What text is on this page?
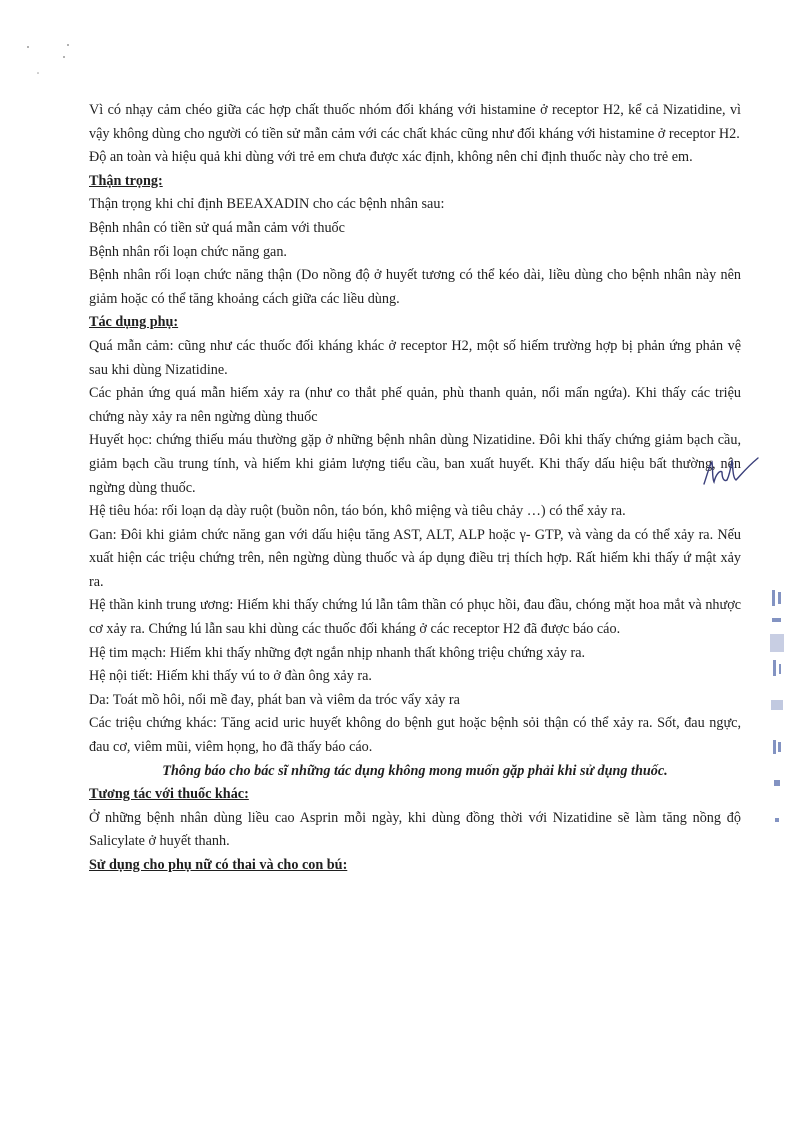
Vì có nhạy cảm chéo giữa các hợp chất thuốc nhóm đối kháng với histamine ở receptor H2, kể cả Nizatidine, vì vậy không dùng cho người có tiền sử mẫn cảm với các chất khác cũng như đối kháng với histamine ở receptor H2.

Độ an toàn và hiệu quả khi dùng với trẻ em chưa được xác định, không nên chỉ định thuốc này cho trẻ em.

Thận trọng:

Thận trọng khi chỉ định BEEAXADIN cho các bệnh nhân sau:

Bệnh nhân có tiền sử quá mẫn cảm với thuốc

Bệnh nhân rối loạn chức năng gan.

Bệnh nhân rối loạn chức năng thận (Do nồng độ ở huyết tương có thể kéo dài, liều dùng cho bệnh nhân này nên giảm hoặc có thể tăng khoảng cách giữa các liều dùng.

Tác dụng phụ:

Quá mẫn cảm: cũng như các thuốc đối kháng khác ở receptor H2, một số hiếm trường hợp bị phản ứng phản vệ sau khi dùng Nizatidine.

Các phản ứng quá mẫn hiếm xảy ra (như co thắt phế quản, phù thanh quản, nổi mẩn ngứa). Khi thấy các triệu chứng này xảy ra nên ngừng dùng thuốc

Huyết học: chứng thiếu máu thường gặp ở những bệnh nhân dùng Nizatidine. Đôi khi thấy chứng giảm bạch cầu, giảm bạch cầu trung tính, và hiếm khi giảm lượng tiểu cầu, ban xuất huyết. Khi thấy dấu hiệu bất thường, nên ngừng dùng thuốc.

Hệ tiêu hóa: rối loạn dạ dày ruột (buồn nôn, táo bón, khô miệng và tiêu chảy …) có thể xảy ra.

Gan: Đôi khi giảm chức năng gan với dấu hiệu tăng AST, ALT, ALP hoặc γ- GTP, và vàng da có thể xảy ra. Nếu xuất hiện các triệu chứng trên, nên ngừng dùng thuốc và áp dụng điều trị thích hợp. Rất hiếm khi thấy ứ mật xảy ra.

Hệ thần kinh trung ương: Hiếm khi thấy chứng lú lẫn tâm thần có phục hồi, đau đầu, chóng mặt hoa mắt và nhược cơ xảy ra. Chứng lú lẫn sau khi dùng các thuốc đối kháng ở các receptor H2 đã được báo cáo.

Hệ tim mạch: Hiếm khi thấy những đợt ngắn nhịp nhanh thất không triệu chứng xảy ra.

Hệ nội tiết: Hiếm khi thấy vú to ở đàn ông xảy ra.

Da: Toát mồ hôi, nổi mề đay, phát ban và viêm da tróc vẩy xảy ra

Các triệu chứng khác: Tăng acid uric huyết không do bệnh gut hoặc bệnh sỏi thận có thể xảy ra. Sốt, đau ngực, đau cơ, viêm mũi, viêm họng, ho đã thấy báo cáo.

Thông báo cho bác sĩ những tác dụng không mong muốn gặp phải khi sử dụng thuốc.

Tương tác với thuốc khác:

Ở những bệnh nhân dùng liều cao Asprin mỗi ngày, khi dùng đồng thời với Nizatidine sẽ làm tăng nồng độ Salicylate ở huyết thanh.

Sử dụng cho phụ nữ có thai và cho con bú:
